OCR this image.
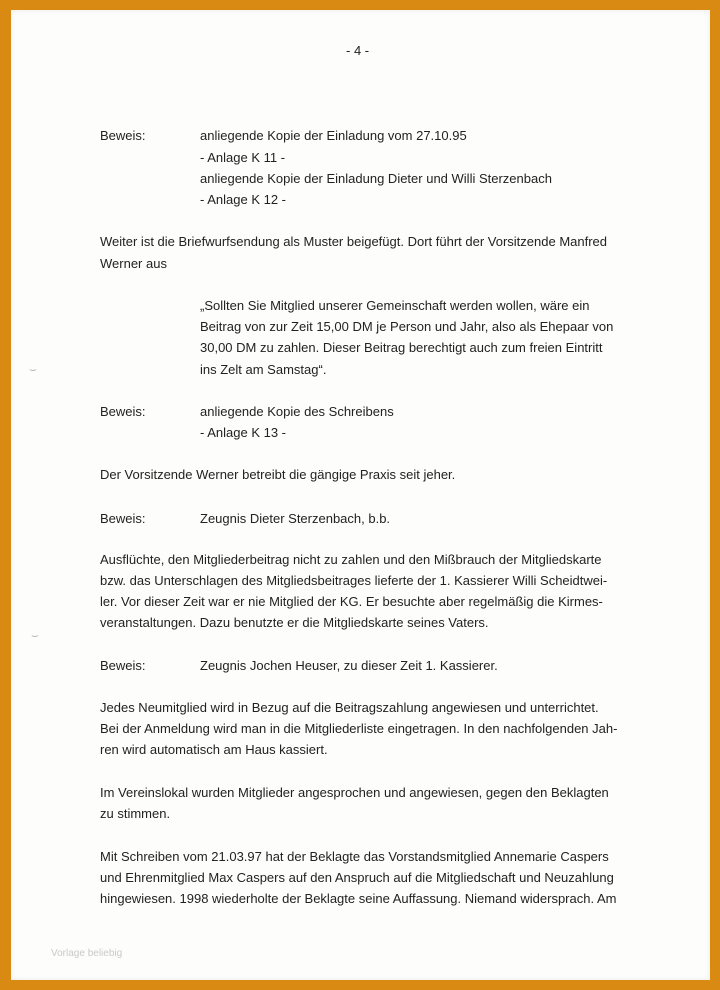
- 4 -
Beweis:	anliegende Kopie der Einladung vom 27.10.95
- Anlage K 11 -
anliegende Kopie der Einladung Dieter und Willi Sterzenbach
- Anlage K 12 -
Weiter ist die Briefwurfsendung als Muster beigefügt. Dort führt der Vorsitzende Manfred
Werner aus
„Sollten Sie Mitglied unserer Gemeinschaft werden wollen, wäre ein
Beitrag von zur Zeit 15,00 DM je Person und Jahr, also als Ehepaar von
30,00 DM zu zahlen. Dieser Beitrag berechtigt auch zum freien Eintritt
ins Zelt am Samstag“.
Beweis:	anliegende Kopie des Schreibens
- Anlage K 13 -
Der Vorsitzende Werner betreibt die gängige Praxis seit jeher.
Beweis:	Zeugnis Dieter Sterzenbach, b.b.
Ausflüchte, den Mitgliederbeitrag nicht zu zahlen und den Mißbrauch der Mitgliedskarte
bzw. das Unterschlagen des Mitgliedsbeitrages lieferte der 1. Kassierer Willi Scheidtwei-
ler. Vor dieser Zeit war er nie Mitglied der KG. Er besuchte aber regelmäßig die Kirmes-
veranstaltungen. Dazu benutzte er die Mitgliedskarte seines Vaters.
Beweis:	Zeugnis Jochen Heuser, zu dieser Zeit 1. Kassierer.
Jedes Neumitglied wird in Bezug auf die Beitragszahlung angewiesen und unterrichtet.
Bei der Anmeldung wird man in die Mitgliederliste eingetragen. In den nachfolgenden Jah-
ren wird automatisch am Haus kassiert.
Im Vereinslokal wurden Mitglieder angesprochen und angewiesen, gegen den Beklagten
zu stimmen.
Mit Schreiben vom 21.03.97 hat der Beklagte das Vorstandsmitglied Annemarie Caspers
und Ehrenmitglied Max Caspers auf den Anspruch auf die Mitgliedschaft und Neuzahlung
hingewiesen. 1998 wiederholte der Beklagte seine Auffassung. Niemand widersprach. Am
⌣
⌣
Vorlage beliebig
